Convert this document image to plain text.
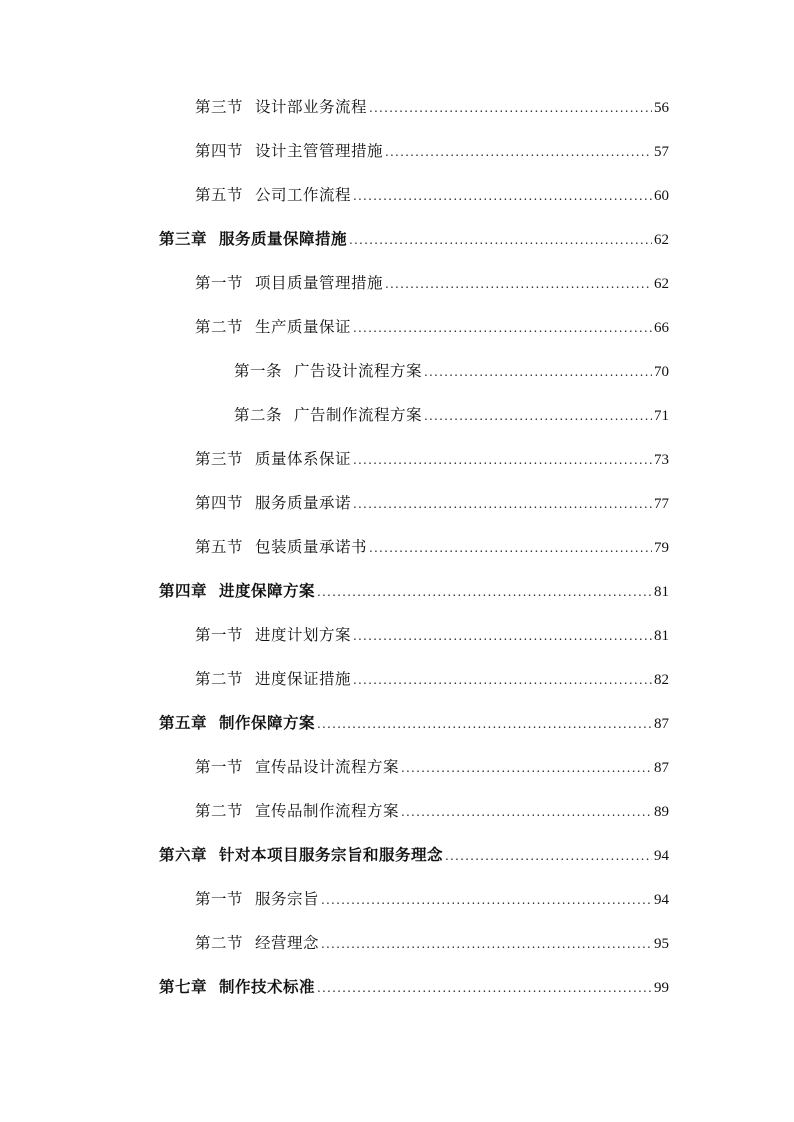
第三节 设计部业务流程 .....	56
第四节 设计主管管理措施 .....	57
第五节 公司工作流程 .....	60
第三章 服务质量保障措施 .....	62
第一节 项目质量管理措施 .....	62
第二节 生产质量保证 .....	66
第一条 广告设计流程方案 .....	70
第二条 广告制作流程方案 .....	71
第三节 质量体系保证 .....	73
第四节 服务质量承诺 .....	77
第五节 包装质量承诺书 .....	79
第四章 进度保障方案 .....	81
第一节 进度计划方案 .....	81
第二节 进度保证措施 .....	82
第五章 制作保障方案 .....	87
第一节 宣传品设计流程方案 .....	87
第二节 宣传品制作流程方案 .....	89
第六章 针对本项目服务宗旨和服务理念 .....	94
第一节 服务宗旨 .....	94
第二节 经营理念 .....	95
第七章 制作技术标准 .....	99
